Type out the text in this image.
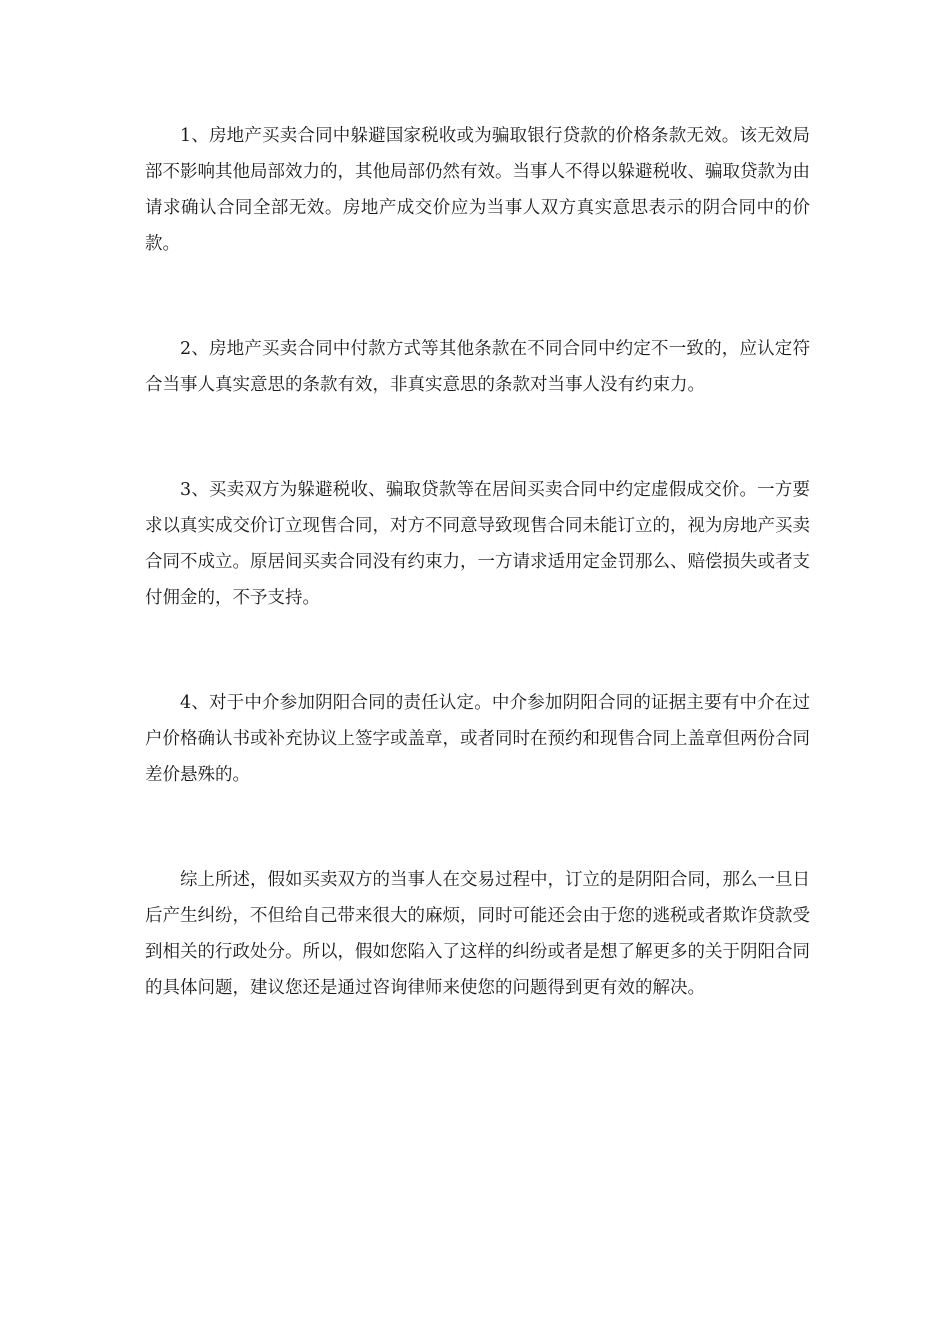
1、房地产买卖合同中躲避国家税收或为骗取银行贷款的价格条款无效。该无效局部不影响其他局部效力的，其他局部仍然有效。当事人不得以躲避税收、骗取贷款为由请求确认合同全部无效。房地产成交价应为当事人双方真实意思表示的阴合同中的价款。

2、房地产买卖合同中付款方式等其他条款在不同合同中约定不一致的，应认定符合当事人真实意思的条款有效，非真实意思的条款对当事人没有约束力。

3、买卖双方为躲避税收、骗取贷款等在居间买卖合同中约定虚假成交价。一方要求以真实成交价订立现售合同，对方不同意导致现售合同未能订立的，视为房地产买卖合同不成立。原居间买卖合同没有约束力，一方请求适用定金罚那么、赔偿损失或者支付佣金的，不予支持。

4、对于中介参加阴阳合同的责任认定。中介参加阴阳合同的证据主要有中介在过户价格确认书或补充协议上签字或盖章，或者同时在预约和现售合同上盖章但两份合同差价悬殊的。

综上所述，假如买卖双方的当事人在交易过程中，订立的是阴阳合同，那么一旦日后产生纠纷，不但给自己带来很大的麻烦，同时可能还会由于您的逃税或者欺诈贷款受到相关的行政处分。所以，假如您陷入了这样的纠纷或者是想了解更多的关于阴阳合同的具体问题，建议您还是通过咨询律师来使您的问题得到更有效的解决。
